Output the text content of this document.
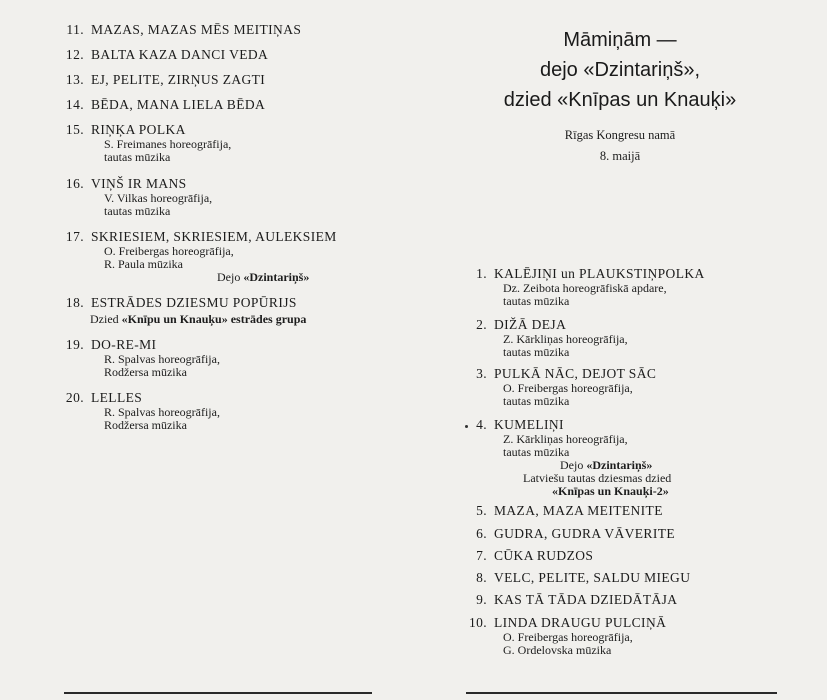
11. MAZAS, MAZAS MĒS MEITIŅAS
12. BALTA KAZA DANCI VEDA
13. EJ, PELITE, ZIRŅUS ZAGTI
14. BĒDA, MANA LIELA BĒDA
15. RIŅĶA POLKA
S. Freimanes horeogrāfija,
tautas mūzika
16. VIŅŠ IR MANS
V. Vilkas horeogrāfija,
tautas mūzika
17. SKRIESIEM, SKRIESIEM, AULEKSIEM
O. Freibergas horeogrāfija,
R. Paula mūzika
Dejo «Dzintariņš»
18. ESTRĀDES DZIESMU POPŪRIJS
Dzied «Knīpu un Knauķu» estrādes grupa
19. DO-RE-MI
R. Spalvas horeogrāfija,
Rodžersa mūzika
20. LELLES
R. Spalvas horeogrāfija,
Rodžersa mūzika
Māmiņām —
dejo «Dzintariņš»,
dzied «Knīpas un Knauķi»
Rīgas Kongresu namā
8. maijā
1. KALĒJIŅI un PLAUKSTIŅPOLKA
Dz. Zeibota horeogrāfiskā apdare,
tautas mūzika
2. DIŽĀ DEJA
Z. Kārkliņas horeogrāfija,
tautas mūzika
3. PULKĀ NĀC, DEJOT SĀC
O. Freibergas horeogrāfija,
tautas mūzika
4. KUMELIŅI
Z. Kārkliņas horeogrāfija,
tautas mūzika
Dejo «Dzintariņš»
Latviešu tautas dziesmas dzied
«Knīpas un Knauķi-2»
5. MAZA, MAZA MEITENITE
6. GUDRA, GUDRA VĀVERITE
7. CŪKA RUDZOS
8. VELC, PELITE, SALDU MIEGU
9. KAS TĀ TĀDA DZIEDĀTĀJA
10. LINDA DRAUGU PULCIŅĀ
O. Freibergas horeogrāfija,
G. Ordelovska mūzika
